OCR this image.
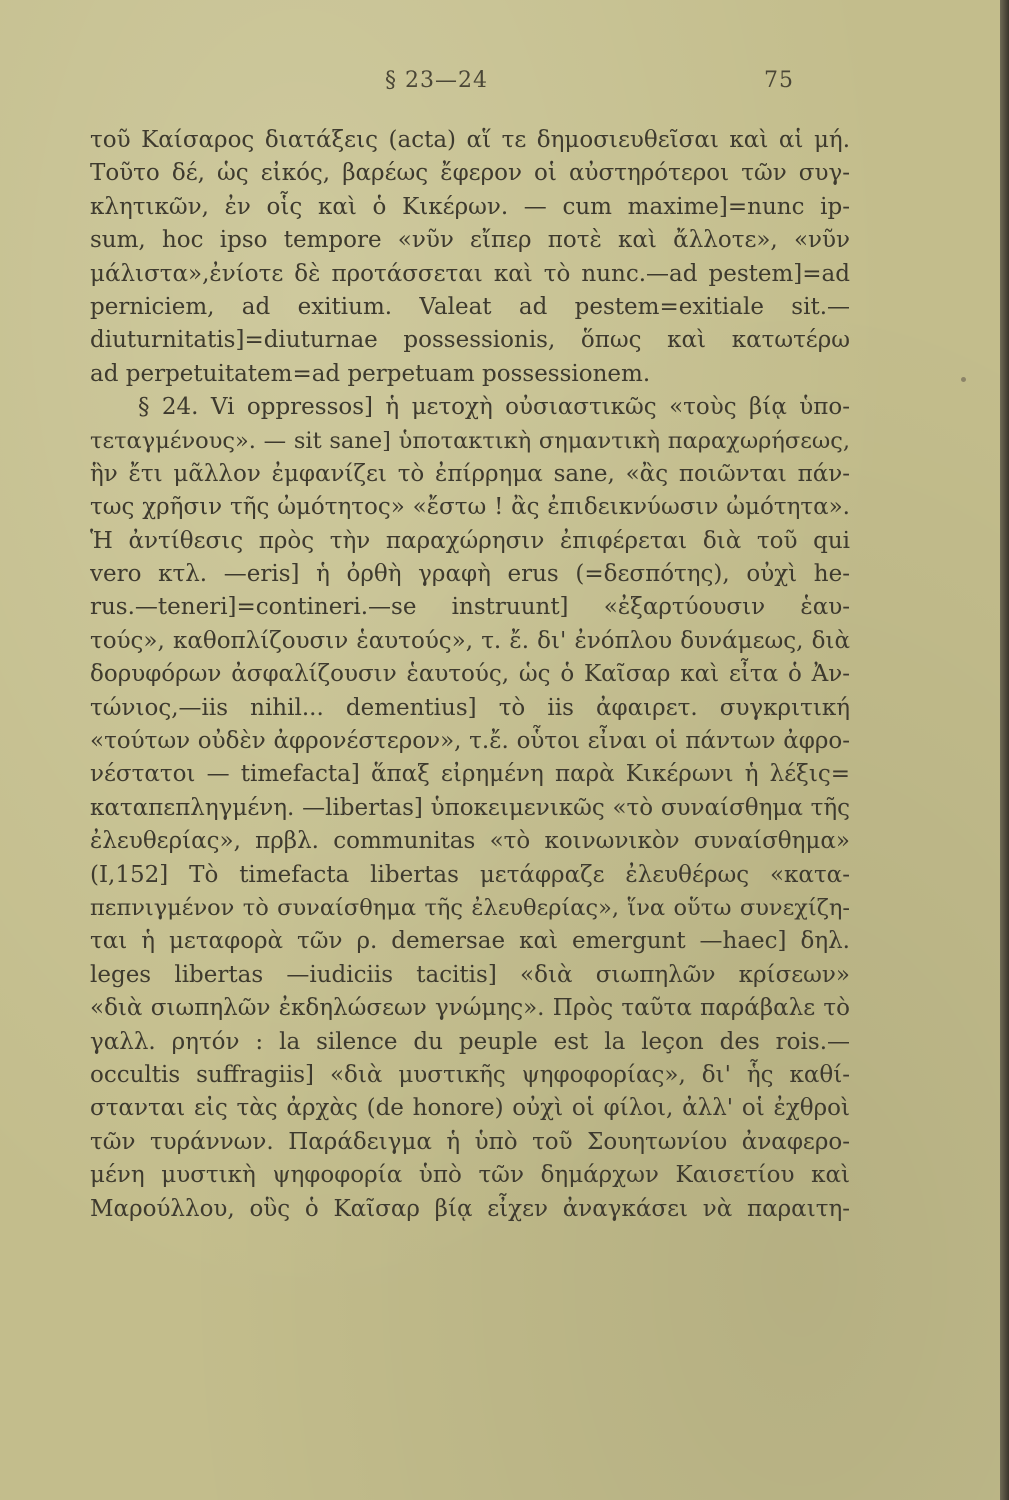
§ 23—24	75
τοῦ Καίσαρος διατάξεις (acta) αἵ τε δημοσιευθεῖσαι καὶ αἱ μή.
Τοῦτο δέ, ὡς εἰκός, βαρέως ἔφερον οἱ αὐστηρότεροι τῶν συγ-
κλητικῶν, ἐν οἷς καὶ ὁ Κικέρων. — cum maxime]=nunc ip-
sum, hoc ipso tempore «νῦν εἴπερ ποτὲ καὶ ἄλλοτε», «νῦν
μάλιστα»,ἐνίοτε δὲ προτάσσεται καὶ τὸ nunc.—ad pestem]=ad
perniciem, ad exitium. Valeat ad pestem=exitiale sit.—
diuturnitatis]=diuturnae possessionis, ὅπως καὶ κατωτέρω
ad perpetuitatem=ad perpetuam possessionem.
§ 24. Vi oppressos] ἡ μετοχὴ οὐσιαστικῶς «τοὺς βίᾳ ὑπο-
τεταγμένους». — sit sane] ὑποτακτικὴ σημαντικὴ παραχωρήσεως,
ἣν ἔτι μᾶλλον ἐμφανίζει τὸ ἐπίρρημα sane, «ἂς ποιῶνται πάν-
τως χρῆσιν τῆς ὠμότητος» «ἔστω ! ἂς ἐπιδεικνύωσιν ὠμότητα».
Ἡ ἀντίθεσις πρὸς τὴν παραχώρησιν ἐπιφέρεται διὰ τοῦ qui
vero κτλ. —eris] ἡ ὀρθὴ γραφὴ erus (=δεσπότης), οὐχὶ he-
rus.—teneri]=contineri.—se instruunt] «ἐξαρτύουσιν ἑαυ-
τούς», καθοπλίζουσιν ἑαυτούς», τ. ἔ. δι' ἐνόπλου δυνάμεως, διὰ
δορυφόρων ἀσφαλίζουσιν ἑαυτούς, ὡς ὁ Καῖσαρ καὶ εἶτα ὁ Ἀν-
τώνιος,—iis nihil... dementius] τὸ iis ἀφαιρετ. συγκριτική
«τούτων οὐδὲν ἀφρονέστερον», τ.ἔ. οὗτοι εἶναι οἱ πάντων ἀφρο-
νέστατοι — timefacta] ἅπαξ εἰρημένη παρὰ Κικέρωνι ἡ λέξις=
καταπεπληγμένη. —libertas] ὑποκειμενικῶς «τὸ συναίσθημα τῆς
ἐλευθερίας», πρβλ. communitas «τὸ κοινωνικὸν συναίσθημα»
(I,152] Τὸ timefacta libertas μετάφραζε ἐλευθέρως «κατα-
πεπνιγμένον τὸ συναίσθημα τῆς ἐλευθερίας», ἵνα οὕτω συνεχίζη-
ται ἡ μεταφορὰ τῶν ρ. demersae καὶ emergunt —haec] δηλ.
leges libertas —iudiciis tacitis] «διὰ σιωπηλῶν κρίσεων»
«διὰ σιωπηλῶν ἐκδηλώσεων γνώμης». Πρὸς ταῦτα παράβαλε τὸ
γαλλ. ρητόν : la silence du peuple est la leçon des rois.—
occultis suffragiis] «διὰ μυστικῆς ψηφοφορίας», δι' ἧς καθί-
στανται εἰς τὰς ἀρχὰς (de honore) οὐχὶ οἱ φίλοι, ἀλλ' οἱ ἐχθροὶ
τῶν τυράννων. Παράδειγμα ἡ ὑπὸ τοῦ Σουητωνίου ἀναφερο-
μένη μυστικὴ ψηφοφορία ὑπὸ τῶν δημάρχων Καισετίου καὶ
Μαρούλλου, οὓς ὁ Καῖσαρ βίᾳ εἶχεν ἀναγκάσει νὰ παραιτη-
